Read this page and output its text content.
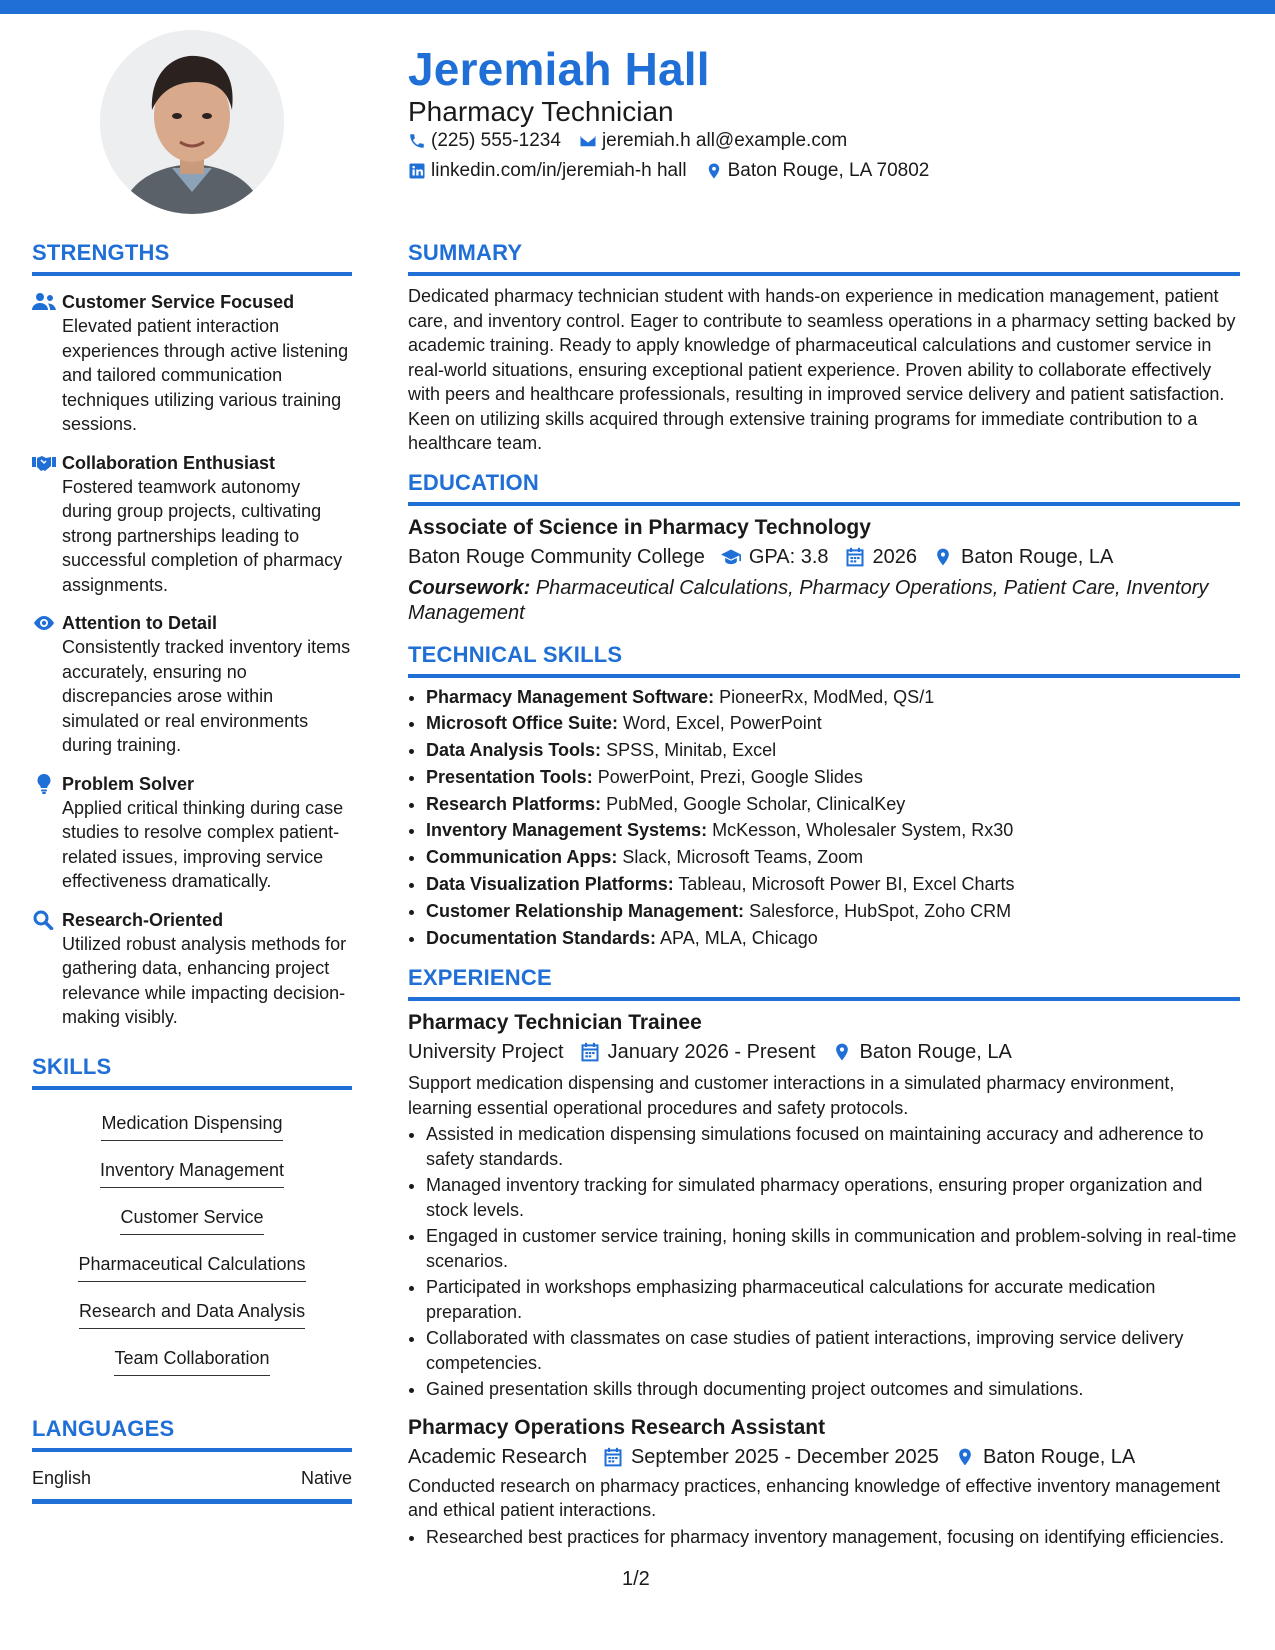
Jeremiah Hall
Pharmacy Technician
(225) 555-1234 jeremiah.h all@example.com
linkedin.com/in/jeremiah-h hall Baton Rouge, LA 70802
STRENGTHS
Customer Service Focused
Elevated patient interaction experiences through active listening and tailored communication techniques utilizing various training sessions.
Collaboration Enthusiast
Fostered teamwork autonomy during group projects, cultivating strong partnerships leading to successful completion of pharmacy assignments.
Attention to Detail
Consistently tracked inventory items accurately, ensuring no discrepancies arose within simulated or real environments during training.
Problem Solver
Applied critical thinking during case studies to resolve complex patient-related issues, improving service effectiveness dramatically.
Research-Oriented
Utilized robust analysis methods for gathering data, enhancing project relevance while impacting decision-making visibly.
SKILLS
Medication Dispensing
Inventory Management
Customer Service
Pharmaceutical Calculations
Research and Data Analysis
Team Collaboration
LANGUAGES
English	Native
SUMMARY
Dedicated pharmacy technician student with hands-on experience in medication management, patient care, and inventory control. Eager to contribute to seamless operations in a pharmacy setting backed by academic training. Ready to apply knowledge of pharmaceutical calculations and customer service in real-world situations, ensuring exceptional patient experience. Proven ability to collaborate effectively with peers and healthcare professionals, resulting in improved service delivery and patient satisfaction. Keen on utilizing skills acquired through extensive training programs for immediate contribution to a healthcare team.
EDUCATION
Associate of Science in Pharmacy Technology
Baton Rouge Community College GPA: 3.8 2026 Baton Rouge, LA
Coursework: Pharmaceutical Calculations, Pharmacy Operations, Patient Care, Inventory Management
TECHNICAL SKILLS
• Pharmacy Management Software: PioneerRx, ModMed, QS/1
• Microsoft Office Suite: Word, Excel, PowerPoint
• Data Analysis Tools: SPSS, Minitab, Excel
• Presentation Tools: PowerPoint, Prezi, Google Slides
• Research Platforms: PubMed, Google Scholar, ClinicalKey
• Inventory Management Systems: McKesson, Wholesaler System, Rx30
• Communication Apps: Slack, Microsoft Teams, Zoom
• Data Visualization Platforms: Tableau, Microsoft Power BI, Excel Charts
• Customer Relationship Management: Salesforce, HubSpot, Zoho CRM
• Documentation Standards: APA, MLA, Chicago
EXPERIENCE
Pharmacy Technician Trainee
University Project January 2026 - Present Baton Rouge, LA
Support medication dispensing and customer interactions in a simulated pharmacy environment, learning essential operational procedures and safety protocols.
• Assisted in medication dispensing simulations focused on maintaining accuracy and adherence to safety standards.
• Managed inventory tracking for simulated pharmacy operations, ensuring proper organization and stock levels.
• Engaged in customer service training, honing skills in communication and problem-solving in real-time scenarios.
• Participated in workshops emphasizing pharmaceutical calculations for accurate medication preparation.
• Collaborated with classmates on case studies of patient interactions, improving service delivery competencies.
• Gained presentation skills through documenting project outcomes and simulations.
Pharmacy Operations Research Assistant
Academic Research September 2025 - December 2025 Baton Rouge, LA
Conducted research on pharmacy practices, enhancing knowledge of effective inventory management and ethical patient interactions.
• Researched best practices for pharmacy inventory management, focusing on identifying efficiencies.
1/2
